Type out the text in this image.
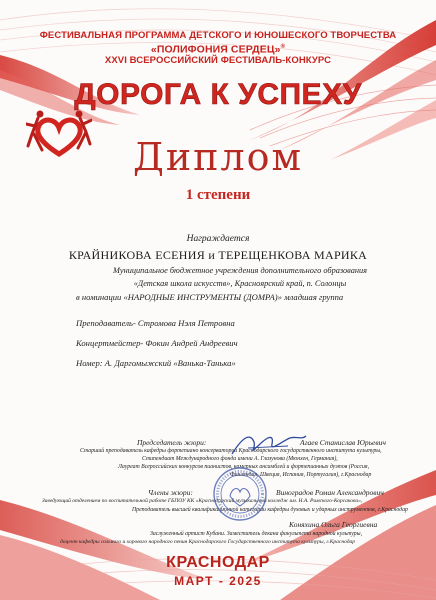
ФЕСТИВАЛЬНАЯ ПРОГРАММА ДЕТСКОГО И ЮНОШЕСКОГО ТВОРЧЕСТВА
«ПОЛИФОНИЯ СЕРДЕЦ»®
XXVI ВСЕРОССИЙСКИЙ ФЕСТИВАЛЬ-КОНКУРС
ДОРОГА К УСПЕХУ
Диплом
1 степени
Награждается
КРАЙНИКОВА ЕСЕНИЯ и ТЕРЕЩЕНКОВА МАРИКА
Муниципальное бюджетное учреждения дополнительного образования
«Детская школа искусств», Красноярский край, п. Солонцы
в номинации «НАРОДНЫЕ ИНСТРУМЕНТЫ (ДОМРА)» младшая группа
Преподаватель- Стромова Нэля Петровна
Концертмейстер- Фокин Андрей Андреевич
Номер: А. Даргомыжский «Ванька-Танька»
Председатель жюри:	Агаев Станислав Юрьевич
Старший преподаватель кафедры фортепиано консерватории Краснодарского государственного института культуры,
Стипендиат Международного фонда имени А. Глазунова (Мюнхен, Германия),
Лауреат Всероссийских конкурсов пианистов, камерных ансамблей и фортепианных дуэтов (Россия,
Финляндия, Швеция, Испания, Португалия), г.Краснодар
Члены жюри:	Виноградов Роман Александрович
Заведующий отделением по воспитательной работе ГБПОУ КК «Краснодарский музыкальный колледж им. Н.А. Римского-Корсакова»,
Преподаватель высшей квалификационной категории кафедры духовых и ударных инструментов, г.Краснодар
Коняхина Ольга Георгиевна
Заслуженный артист Кубани. Заместитель декана факультета народной культуры,
доцент кафедры сольного и хорового народного пения Краснодарского Государственного института культуры, г.Краснодар
КРАСНОДАР
МАРТ - 2025
